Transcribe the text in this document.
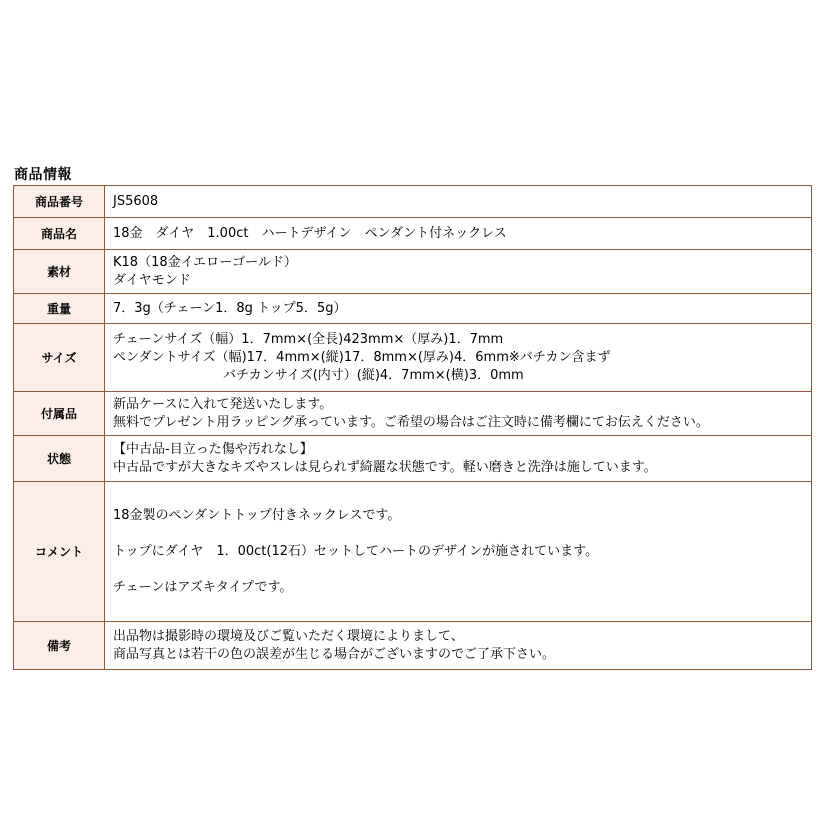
商品情報
商品番号	JS5608

商品名	18金　ダイヤ　1.00ct　ハートデザイン　ペンダント付ネックレス

素材	K18（18金イエローゴールド）
ダイヤモンド

重量	7．3g（チェーン1．8g トップ5．5g）

サイズ	チェーンサイズ（幅）1．7mm×(全長)423mm×（厚み)1．7mm
ペンダントサイズ（幅)17．4mm×(縦)17．8mm×(厚み)4．6mm※バチカン含まず
バチカンサイズ(内寸）(縦)4．7mm×(横)3．0mm

付属品	新品ケースに入れて発送いたします。
無料でプレゼント用ラッピング承っています。ご希望の場合はご注文時に備考欄にてお伝えください。

状態	【中古品-目立った傷や汚れなし】
中古品ですが大きなキズやスレは見られず綺麗な状態です。軽い磨きと洗浄は施しています。

コメント	18金製のペンダントトップ付きネックレスです。
トップにダイヤ　1．00ct(12石）セットしてハートのデザインが施されています。
チェーンはアズキタイプです。

備考	出品物は撮影時の環境及びご覧いただく環境によりまして、
商品写真とは若干の色の誤差が生じる場合がございますのでご了承下さい。
